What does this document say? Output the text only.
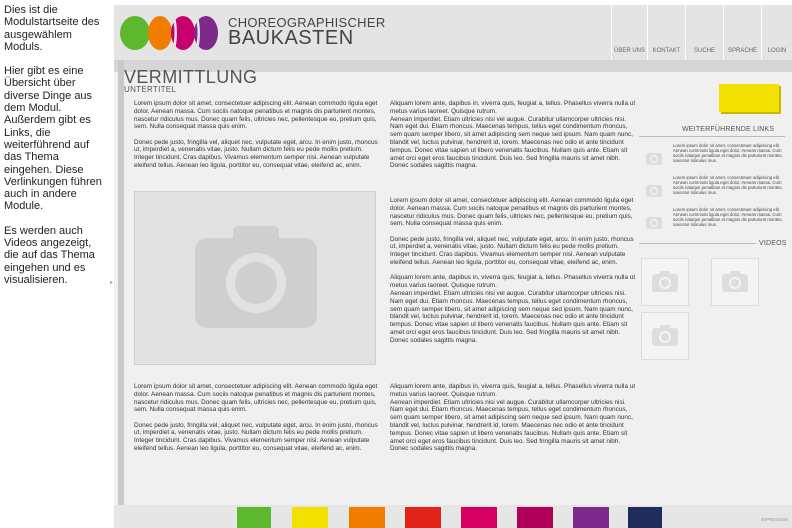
Dies ist die Modulstartseite des ausgewählem Moduls.

Hier gibt es eine Übersicht über diverse Dinge aus dem Modul. Außerdem gibt es Links, die weiterführend auf das Thema eingehen. Diese Verlinkungen führen auch in andere Module.

Es werden auch Videos angezeigt, die auf das Thema eingehen und es visualisieren.

CHOREOGRAPHISCHER
BAUKASTEN
ÜBER UNS	KONTAKT	SUCHE	SPRACHE	LOGIN
▸
VERMITTLUNG
UNTERTITEL

Lorem ipsum dolor sit amet, consectetuer adipiscing elit. Aenean commodo ligula eget dolor. Aenean massa. Cum sociis natoque penatibus et magnis dis parturient montes, nascetur ridiculus mus. Donec quam felis, ultricies nec, pellentesque eu, pretium quis, sem. Nulla consequat massa quis enim.

Donec pede justo, fringilla vel, aliquet nec, vulputate eget, arcu. In enim justo, rhoncus ut, imperdiet a, venenatis vitae, justo. Nullam dictum felis eu pede mollis pretium. Integer tincidunt. Cras dapibus. Vivamus elementum semper nisi. Aenean vulputate eleifend tellus. Aenean leo ligula, porttitor eu, consequat vitae, eleifend ac, enim.

Aliquam lorem ante, dapibus in, viverra quis, feugiat a, tellus. Phasellus viverra nulla ut metus varius laoreet. Quisque rutrum.

Aenean imperdiet. Etiam ultricies nisi vel augue. Curabitur ullamcorper ultricies nisi. Nam eget dui. Etiam rhoncus. Maecenas tempus, tellus eget condimentum rhoncus, sem quam semper libero, sit amet adipiscing sem neque sed ipsum. Nam quam nunc, blandit vel, luctus pulvinar, hendrerit id, lorem. Maecenas nec odio et ante tincidunt tempus. Donec vitae sapien ut libero venenatis faucibus. Nullam quis ante. Etiam sit amet orci eget eros faucibus tincidunt. Duis leo. Sed fringilla mauris sit amet nibh. Donec sodales sagittis magna.

Lorem ipsum dolor sit amet, consectetuer adipiscing elit. Aenean commodo ligula eget dolor. Aenean massa. Cum sociis natoque penatibus et magnis dis parturient montes, nascetur ridiculus mus. Donec quam felis, ultricies nec, pellentesque eu, pretium quis, sem. Nulla consequat massa quis enim.

Donec pede justo, fringilla vel, aliquet nec, vulputate eget, arcu. In enim justo, rhoncus ut, imperdiet a, venenatis vitae, justo. Nullam dictum felis eu pede mollis pretium. Integer tincidunt. Cras dapibus. Vivamus elementum semper nisi. Aenean vulputate eleifend tellus. Aenean leo ligula, porttitor eu, consequat vitae, eleifend ac, enim.

Aliquam lorem ante, dapibus in, viverra quis, feugiat a, tellus. Phasellus viverra nulla ut metus varius laoreet. Quisque rutrum.

Aenean imperdiet. Etiam ultricies nisi vel augue. Curabitur ullamcorper ultricies nisi. Nam eget dui. Etiam rhoncus. Maecenas tempus, tellus eget condimentum rhoncus, sem quam semper libero, sit amet adipiscing sem neque sed ipsum. Nam quam nunc, blandit vel, luctus pulvinar, hendrerit id, lorem. Maecenas nec odio et ante tincidunt tempus. Donec vitae sapien ut libero venenatis faucibus. Nullam quis ante. Etiam sit amet orci eget eros faucibus tincidunt. Duis leo. Sed fringilla mauris sit amet nibh. Donec sodales sagittis magna.

Lorem ipsum dolor sit amet, consectetuer adipiscing elit. Aenean commodo ligula eget dolor. Aenean massa. Cum sociis natoque penatibus et magnis dis parturient montes, nascetur ridiculus mus. Donec quam felis, ultricies nec, pellentesque eu, pretium quis, sem. Nulla consequat massa quis enim.

Donec pede justo, fringilla vel, aliquet nec, vulputate eget, arcu. In enim justo, rhoncus ut, imperdiet a, venenatis vitae, justo. Nullam dictum felis eu pede mollis pretium. Integer tincidunt. Cras dapibus. Vivamus elementum semper nisi. Aenean vulputate eleifend tellus. Aenean leo ligula, porttitor eu, consequat vitae, eleifend ac, enim.

Aliquam lorem ante, dapibus in, viverra quis, feugiat a, tellus. Phasellus viverra nulla ut metus varius laoreet. Quisque rutrum.

Aenean imperdiet. Etiam ultricies nisi vel augue. Curabitur ullamcorper ultricies nisi. Nam eget dui. Etiam rhoncus. Maecenas tempus, tellus eget condimentum rhoncus, sem quam semper libero, sit amet adipiscing sem neque sed ipsum. Nam quam nunc, blandit vel, luctus pulvinar, hendrerit id, lorem. Maecenas nec odio et ante tincidunt tempus. Donec vitae sapien ut libero venenatis faucibus. Nullam quis ante. Etiam sit amet orci eget eros faucibus tincidunt. Duis leo. Sed fringilla mauris sit amet nibh. Donec sodales sagittis magna.

WEITERFÜHRENDE LINKS
Lorem ipsum dolor sit amet, consectetuer adipiscing elit. Aenean commodo ligula eget dolor. Aenean massa. Cum sociis natoque penatibus et magnis dis parturient montes, nascetur ridiculus mus.
Lorem ipsum dolor sit amet, consectetuer adipiscing elit. Aenean commodo ligula eget dolor. Aenean massa. Cum sociis natoque penatibus et magnis dis parturient montes, nascetur ridiculus mus.
Lorem ipsum dolor sit amet, consectetuer adipiscing elit. Aenean commodo ligula eget dolor. Aenean massa. Cum sociis natoque penatibus et magnis dis parturient montes, nascetur ridiculus mus.
VIDEOS
IMPRESSUM
